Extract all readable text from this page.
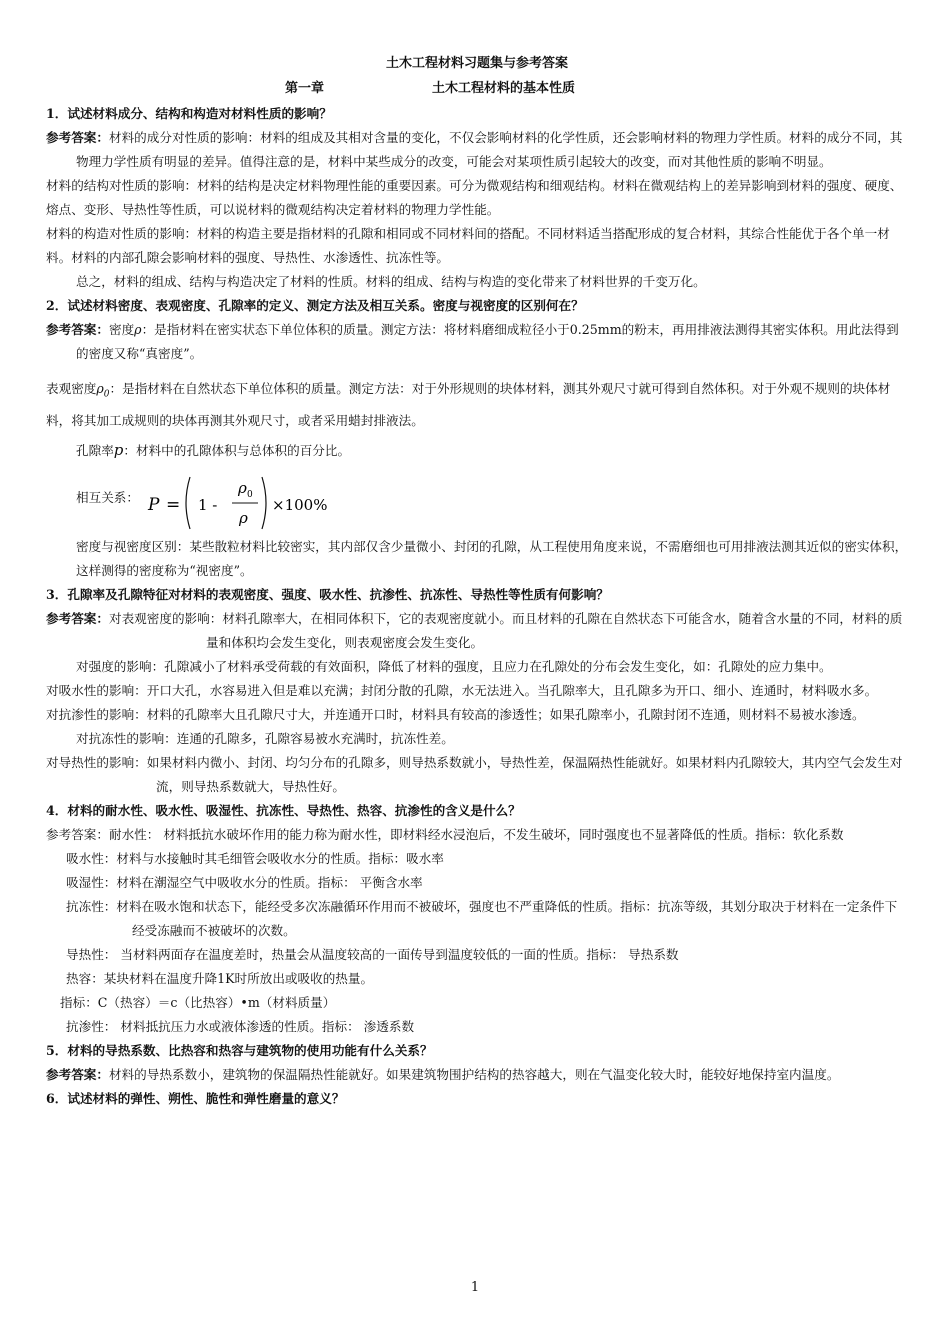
土木工程材料习题集与参考答案
第一章	土木工程材料的基本性质
1．试述材料成分、结构和构造对材料性质的影响？

参考答案：材料的成分对性质的影响：材料的组成及其相对含量的变化，不仅会影响材料的化学性质，还会影响材料的物理力学性质。材料的成分不同，其物理力学性质有明显的差异。值得注意的是，材料中某些成分的改变，可能会对某项性质引起较大的改变，而对其他性质的影响不明显。

材料的结构对性质的影响：材料的结构是决定材料物理性能的重要因素。可分为微观结构和细观结构。材料在微观结构上的差异影响到材料的强度、硬度、熔点、变形、导热性等性质，可以说材料的微观结构决定着材料的物理力学性能。

材料的构造对性质的影响：材料的构造主要是指材料的孔隙和相同或不同材料间的搭配。不同材料适当搭配形成的复合材料，其综合性能优于各个单一材料。材料的内部孔隙会影响材料的强度、导热性、水渗透性、抗冻性等。

总之，材料的组成、结构与构造决定了材料的性质。材料的组成、结构与构造的变化带来了材料世界的千变万化。

2．试述材料密度、表观密度、孔隙率的定义、测定方法及相互关系。密度与视密度的区别何在？

参考答案：密度ρ：是指材料在密实状态下单位体积的质量。测定方法：将材料磨细成粒径小于0.25mm的粉末，再用排液法测得其密实体积。用此法得到的密度又称“真密度”。

表观密度$\rho_0$：是指材料在自然状态下单位体积的质量。测定方法：对于外形规则的块体材料，测其外观尺寸就可得到自然体积。对于外观不规则的块体材料，将其加工成规则的块体再测其外观尺寸，或者采用蜡封排液法。

孔隙率p：材料中的孔隙体积与总体积的百分比。

相互关系： P = 1 -
ρ 0
ρ
×100%

密度与视密度区别：某些散粒材料比较密实，其内部仅含少量微小、封闭的孔隙，从工程使用角度来说，不需磨细也可用排液法测其近似的密实体积，这样测得的密度称为“视密度”。

3．孔隙率及孔隙特征对材料的表观密度、强度、吸水性、抗渗性、抗冻性、导热性等性质有何影响？

参考答案：对表观密度的影响：材料孔隙率大，在相同体积下，它的表观密度就小。而且材料的孔隙在自然状态下可能含水，随着含水量的不同，材料的质量和体积均会发生变化，则表观密度会发生变化。

对强度的影响：孔隙减小了材料承受荷载的有效面积，降低了材料的强度，且应力在孔隙处的分布会发生变化，如：孔隙处的应力集中。

对吸水性的影响：开口大孔，水容易进入但是难以充满；封闭分散的孔隙，水无法进入。当孔隙率大，且孔隙多为开口、细小、连通时，材料吸水多。

对抗渗性的影响：材料的孔隙率大且孔隙尺寸大，并连通开口时，材料具有较高的渗透性；如果孔隙率小，孔隙封闭不连通，则材料不易被水渗透。

对抗冻性的影响：连通的孔隙多，孔隙容易被水充满时，抗冻性差。

对导热性的影响：如果材料内微小、封闭、均匀分布的孔隙多，则导热系数就小，导热性差，保温隔热性能就好。如果材料内孔隙较大，其内空气会发生对流，则导热系数就大，导热性好。

4．材料的耐水性、吸水性、吸湿性、抗冻性、导热性、热容、抗渗性的含义是什么？

参考答案：耐水性： 材料抵抗水破坏作用的能力称为耐水性，即材料经水浸泡后，不发生破坏，同时强度也不显著降低的性质。指标：软化系数

吸水性：材料与水接触时其毛细管会吸收水分的性质。指标：吸水率

吸湿性：材料在潮湿空气中吸收水分的性质。指标： 平衡含水率

抗冻性：材料在吸水饱和状态下，能经受多次冻融循环作用而不被破坏，强度也不严重降低的性质。指标：抗冻等级，其划分取决于材料在一定条件下经受冻融而不被破坏的次数。

导热性： 当材料两面存在温度差时，热量会从温度较高的一面传导到温度较低的一面的性质。指标： 导热系数

热容：某块材料在温度升降1K时所放出或吸收的热量。

指标：C（热容）＝c（比热容）•m（材料质量）

抗渗性： 材料抵抗压力水或液体渗透的性质。指标： 渗透系数

5．材料的导热系数、比热容和热容与建筑物的使用功能有什么关系？

参考答案：材料的导热系数小，建筑物的保温隔热性能就好。如果建筑物围护结构的热容越大，则在气温变化较大时，能较好地保持室内温度。

6．试述材料的弹性、朔性、脆性和弹性磨量的意义？
1
